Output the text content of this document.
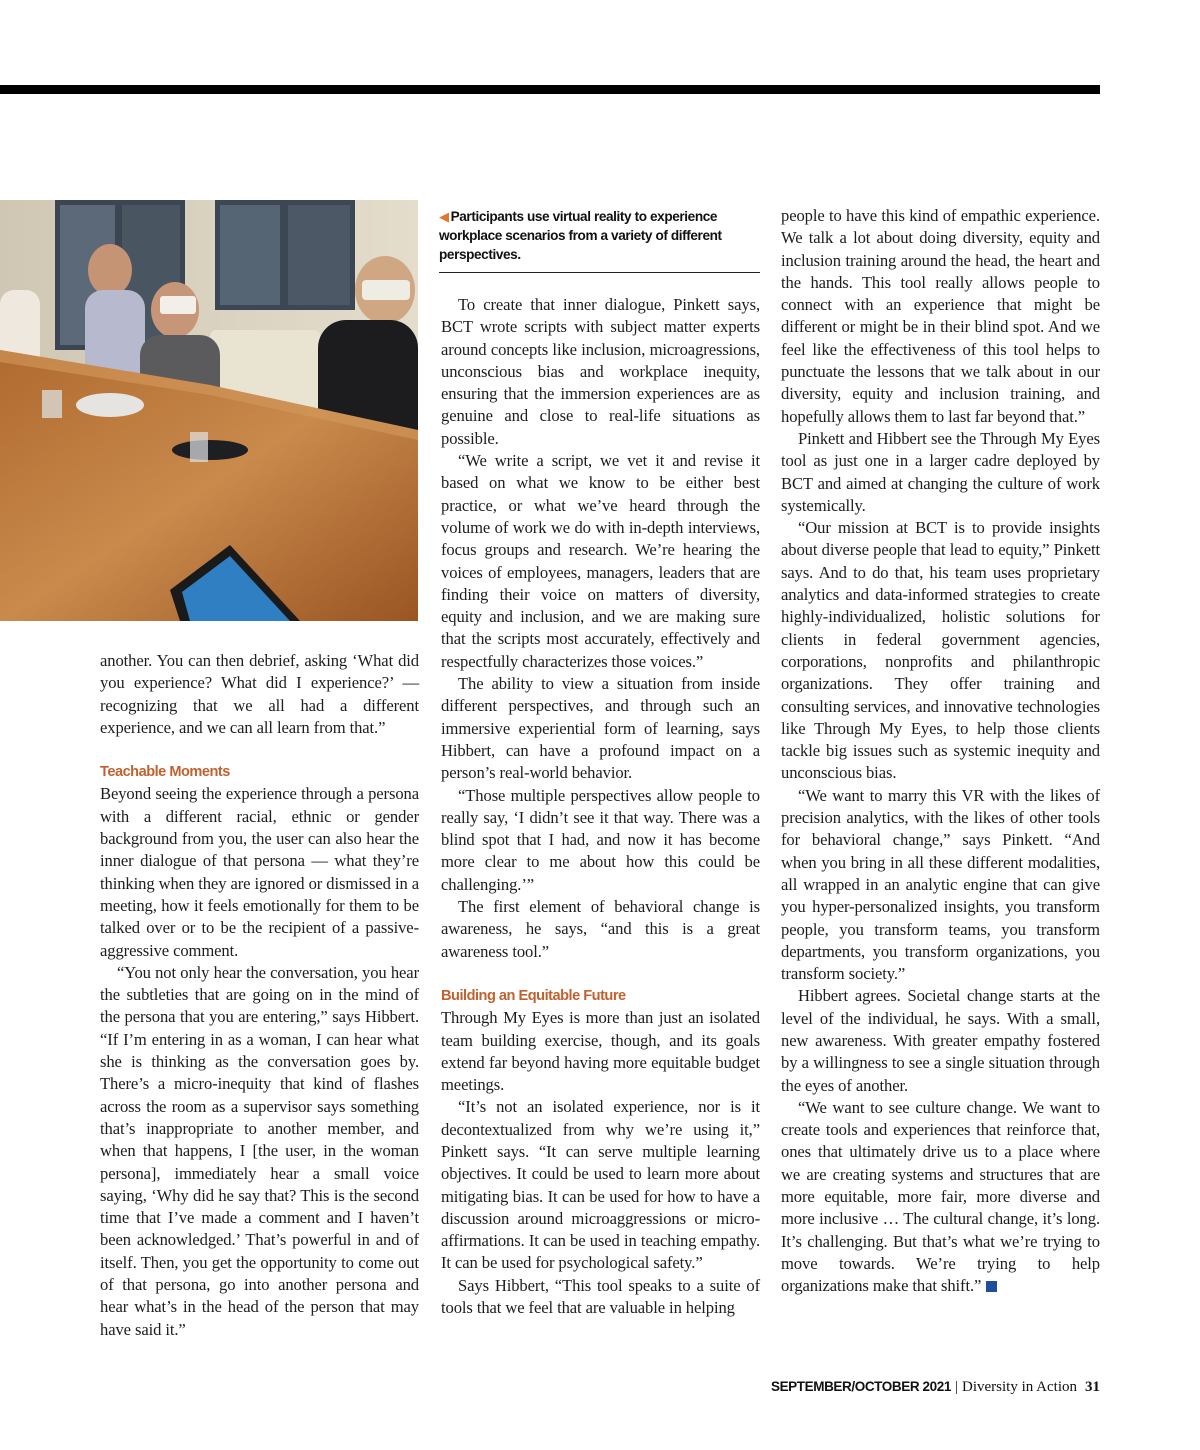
◀ Participants use virtual reality to experience workplace scenarios from a variety of different perspectives.

another. You can then debrief, asking ‘What did you experience? What did I experience?’ — recognizing that we all had a different experience, and we can all learn from that.”

Teachable Moments

Beyond seeing the experience through a persona with a different racial, ethnic or gender background from you, the user can also hear the inner dialogue of that persona — what they’re thinking when they are ignored or dismissed in a meeting, how it feels emotionally for them to be talked over or to be the recipient of a passive-aggressive comment.

“You not only hear the conversation, you hear the subtleties that are going on in the mind of the persona that you are entering,” says Hibbert. “If I’m entering in as a woman, I can hear what she is thinking as the conversation goes by. There’s a micro-inequity that kind of flashes across the room as a supervisor says something that’s inappropriate to another member, and when that happens, I [the user, in the woman persona], immediately hear a small voice saying, ‘Why did he say that? This is the second time that I’ve made a comment and I haven’t been acknowledged.’ That’s powerful in and of itself. Then, you get the opportunity to come out of that persona, go into another persona and hear what’s in the head of the person that may have said it.”

To create that inner dialogue, Pinkett says, BCT wrote scripts with subject matter experts around concepts like inclusion, microagressions, unconscious bias and workplace inequity, ensuring that the immersion experiences are as genuine and close to real-life situations as possible.

“We write a script, we vet it and revise it based on what we know to be either best practice, or what we’ve heard through the volume of work we do with in-depth interviews, focus groups and research. We’re hearing the voices of employees, managers, leaders that are finding their voice on matters of diversity, equity and inclusion, and we are making sure that the scripts most accurately, effectively and respectfully characterizes those voices.”

The ability to view a situation from inside different perspectives, and through such an immersive experiential form of learning, says Hibbert, can have a profound impact on a person’s real-world behavior.

“Those multiple perspectives allow people to really say, ‘I didn’t see it that way. There was a blind spot that I had, and now it has become more clear to me about how this could be challenging.’”

The first element of behavioral change is awareness, he says, “and this is a great awareness tool.”

Building an Equitable Future

Through My Eyes is more than just an isolated team building exercise, though, and its goals extend far beyond having more equitable budget meetings.

“It’s not an isolated experience, nor is it decontextualized from why we’re using it,” Pinkett says. “It can serve multiple learning objectives. It could be used to learn more about mitigating bias. It can be used for how to have a discussion around microaggressions or micro-affirmations. It can be used in teaching empathy. It can be used for psychological safety.”

Says Hibbert, “This tool speaks to a suite of tools that we feel that are valuable in helping

people to have this kind of empathic experience. We talk a lot about doing diversity, equity and inclusion training around the head, the heart and the hands. This tool really allows people to connect with an experience that might be different or might be in their blind spot. And we feel like the effectiveness of this tool helps to punctuate the lessons that we talk about in our diversity, equity and inclusion training, and hopefully allows them to last far beyond that.”

Pinkett and Hibbert see the Through My Eyes tool as just one in a larger cadre deployed by BCT and aimed at changing the culture of work systemically.

“Our mission at BCT is to provide insights about diverse people that lead to equity,” Pinkett says. And to do that, his team uses proprietary analytics and data-informed strategies to create highly-individualized, holistic solutions for clients in federal government agencies, corporations, nonprofits and philanthropic organizations. They offer training and consulting services, and innovative technologies like Through My Eyes, to help those clients tackle big issues such as systemic inequity and unconscious bias.

“We want to marry this VR with the likes of precision analytics, with the likes of other tools for behavioral change,” says Pinkett. “And when you bring in all these different modalities, all wrapped in an analytic engine that can give you hyper-personalized insights, you transform people, you transform teams, you transform departments, you transform organizations, you transform society.”

Hibbert agrees. Societal change starts at the level of the individual, he says. With a small, new awareness. With greater empathy fostered by a willingness to see a single situation through the eyes of another.

“We want to see culture change. We want to create tools and experiences that reinforce that, ones that ultimately drive us to a place where we are creating systems and structures that are more equitable, more fair, more diverse and more inclusive … The cultural change, it’s long. It’s challenging. But that’s what we’re trying to move towards. We’re trying to help organizations make that shift.”

SEPTEMBER/OCTOBER 2021 | Diversity in Action 31
